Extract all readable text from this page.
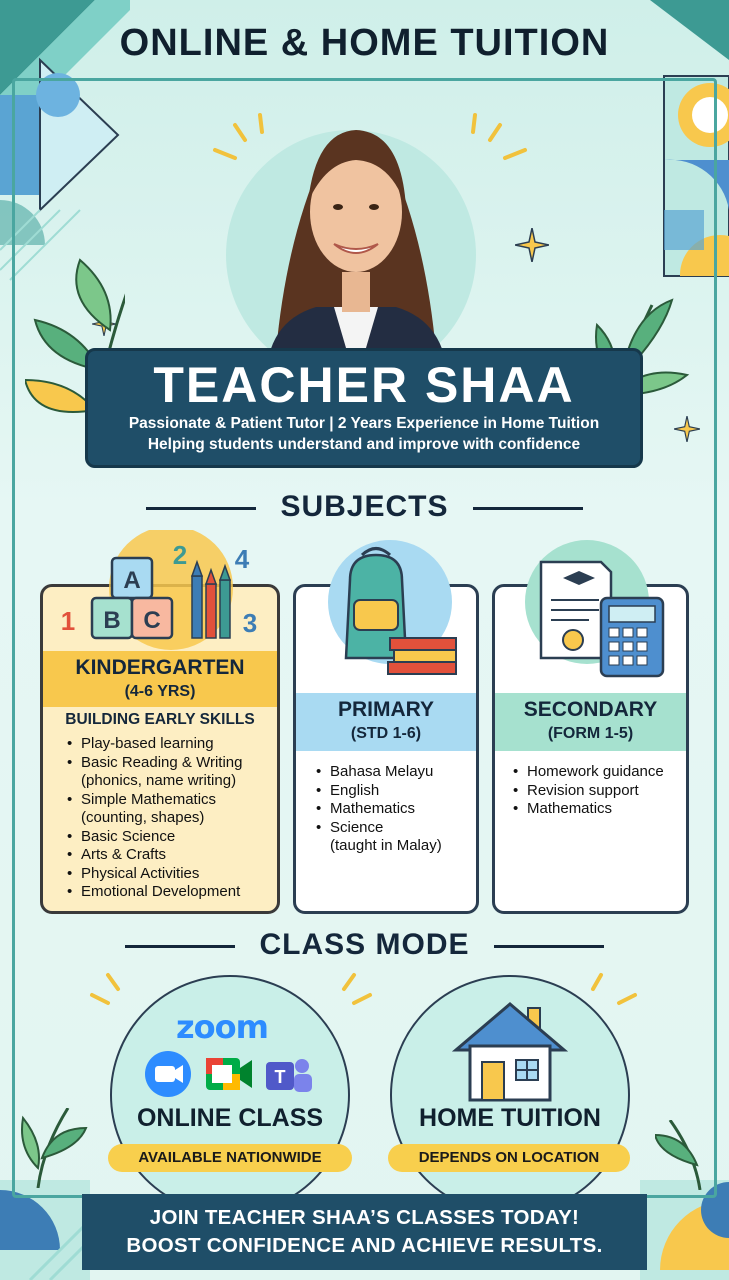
ONLINE & HOME TUITION
TEACHER SHAA
Passionate & Patient Tutor | 2 Years Experience in Home Tuition
Helping students understand and improve with confidence
SUBJECTS
KINDERGARTEN
(4-6 YRS)
BUILDING EARLY SKILLS
• Play-based learning
• Basic Reading & Writing
(phonics, name writing)
• Simple Mathematics
(counting, shapes)
• Basic Science
• Arts & Crafts
• Physical Activities
• Emotional Development
A
B C
1
2
3
4
PRIMARY
(STD 1-6)
• Bahasa Melayu
• English
• Mathematics
• Science
(taught in Malay)
SECONDARY
(FORM 1-5)
• Homework guidance
• Revision support
• Mathematics
CLASS MODE
zoom
T
ONLINE CLASS
AVAILABLE NATIONWIDE
HOME TUITION
DEPENDS ON LOCATION
JOIN TEACHER SHAA’S CLASSES TODAY!
BOOST CONFIDENCE AND ACHIEVE RESULTS.
